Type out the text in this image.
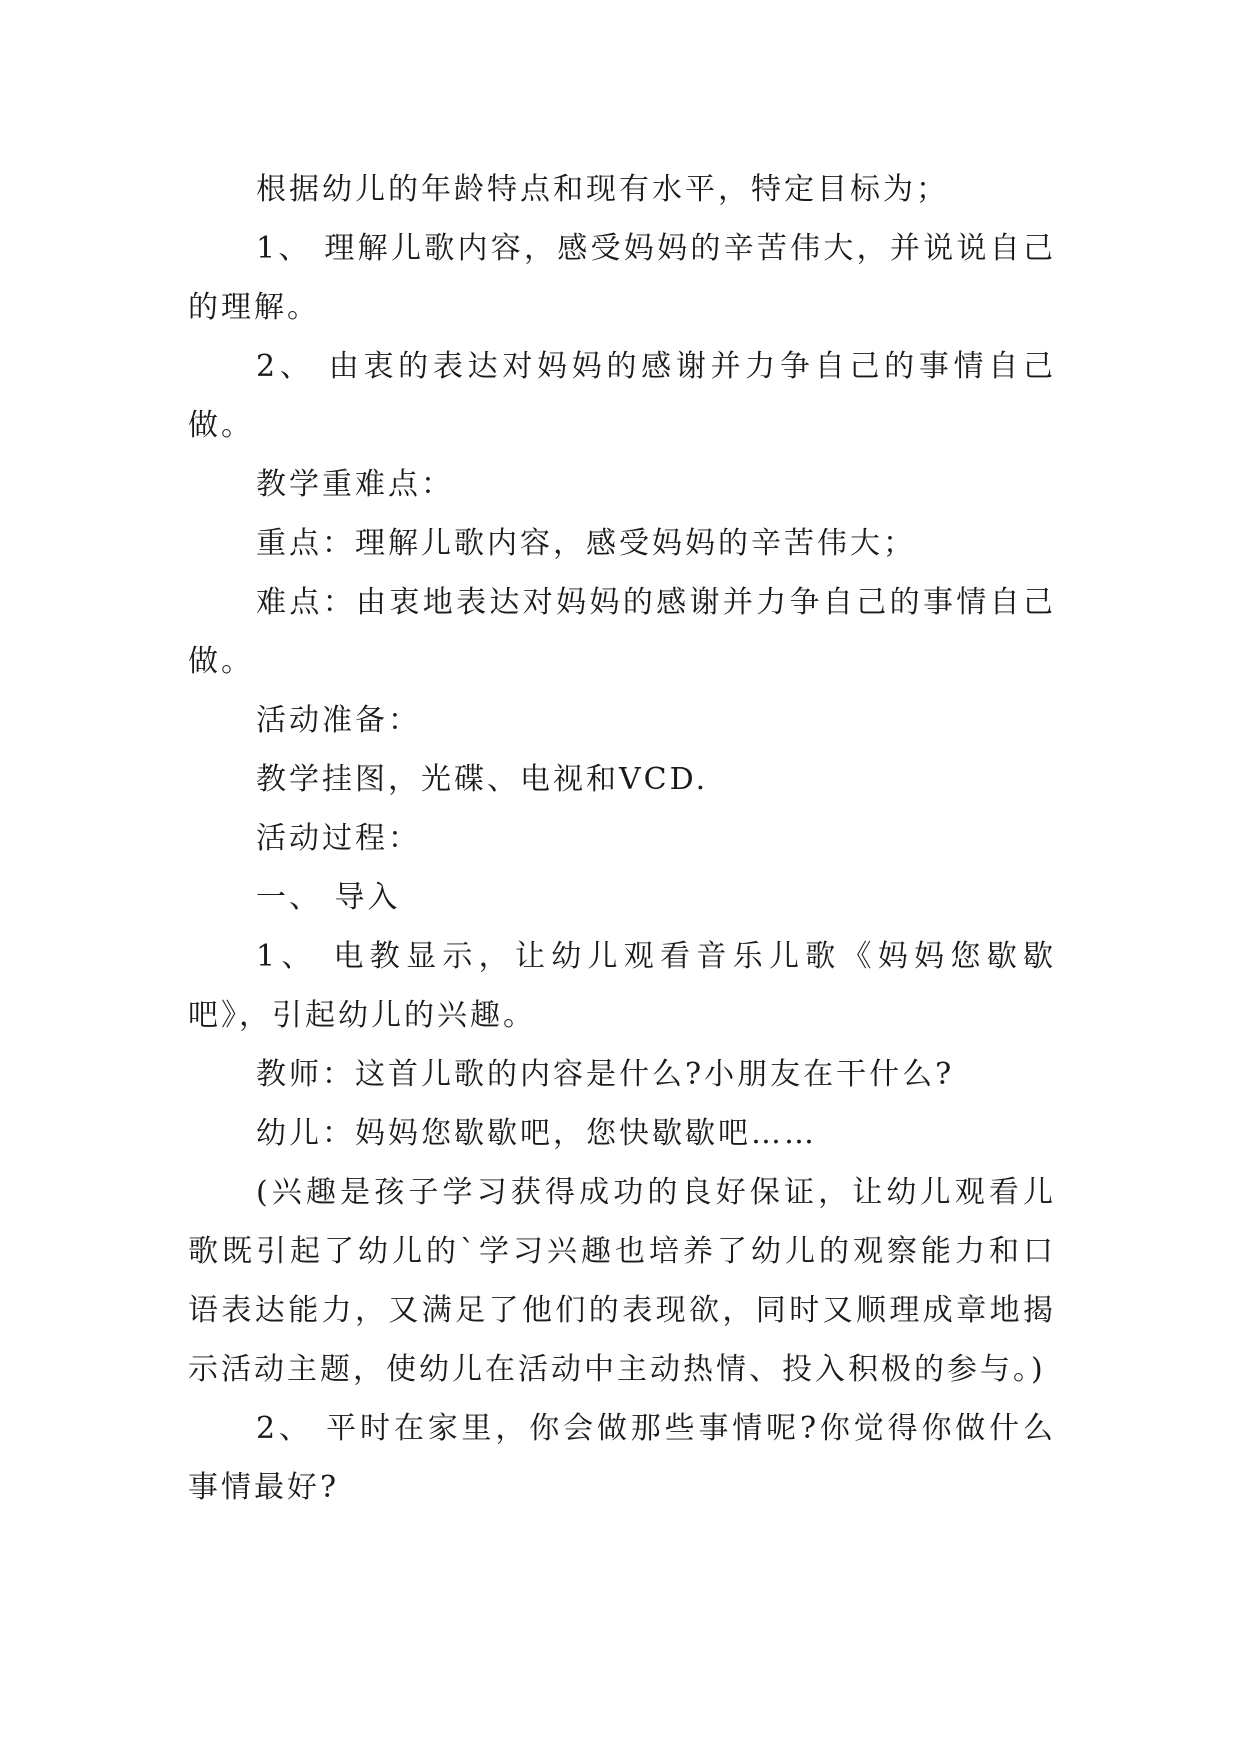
根据幼儿的年龄特点和现有水平，特定目标为；

1、 理解儿歌内容，感受妈妈的辛苦伟大，并说说自己的理解。

2、 由衷的表达对妈妈的感谢并力争自己的事情自己做。

教学重难点：

重点：理解儿歌内容，感受妈妈的辛苦伟大；

难点：由衷地表达对妈妈的感谢并力争自己的事情自己做。

活动准备：

教学挂图，光碟、电视和VCD.

活动过程：

一、 导入

1、 电教显示，让幼儿观看音乐儿歌《妈妈您歇歇吧》，引起幼儿的兴趣。

教师：这首儿歌的内容是什么?小朋友在干什么?

幼儿：妈妈您歇歇吧，您快歇歇吧……

(兴趣是孩子学习获得成功的良好保证，让幼儿观看儿歌既引起了幼儿的`学习兴趣也培养了幼儿的观察能力和口语表达能力，又满足了他们的表现欲，同时又顺理成章地揭示活动主题，使幼儿在活动中主动热情、投入积极的参与。)

2、 平时在家里，你会做那些事情呢?你觉得你做什么事情最好?
